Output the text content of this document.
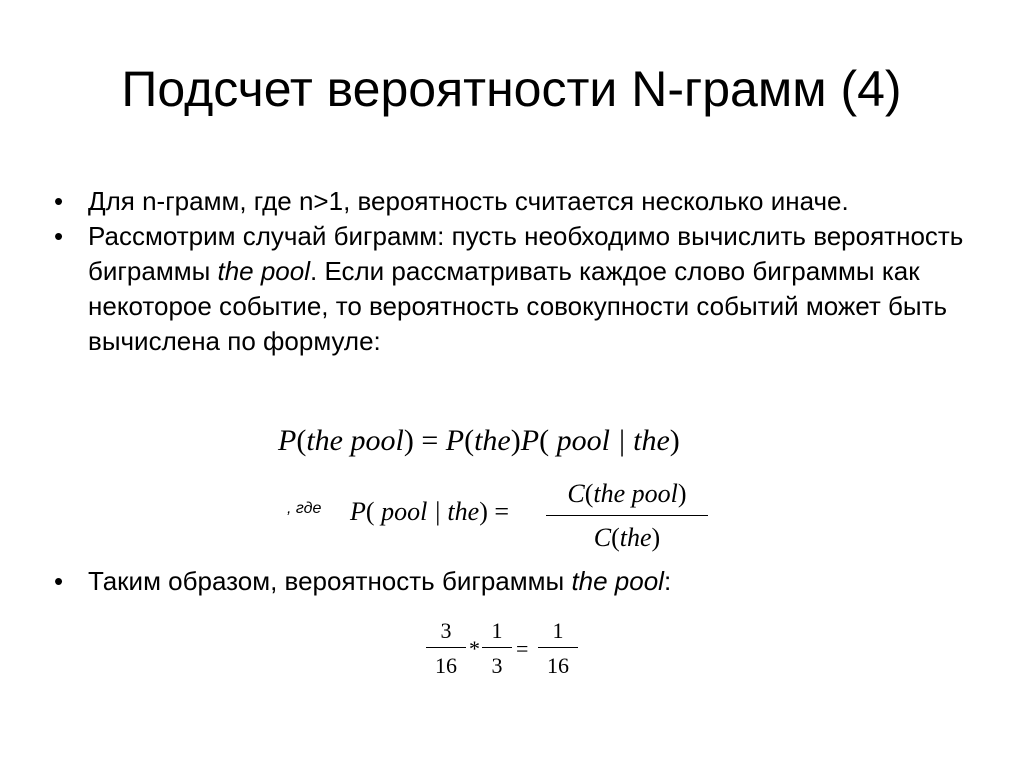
Подсчет вероятности N-грамм (4)
• Для n-грамм, где n>1, вероятность считается несколько иначе.
• Рассмотрим случай биграмм: пусть необходимо вычислить вероятность биграммы the pool. Если рассматривать каждое слово биграммы как некоторое событие, то вероятность совокупности событий может быть вычислена по формуле:
P(the pool) = P(the)P( pool | the)
, где P( pool | the) =
C(the pool)
C(the)
• Таким образом, вероятность биграммы the pool:
3
16
*
1
3
=
1
16
